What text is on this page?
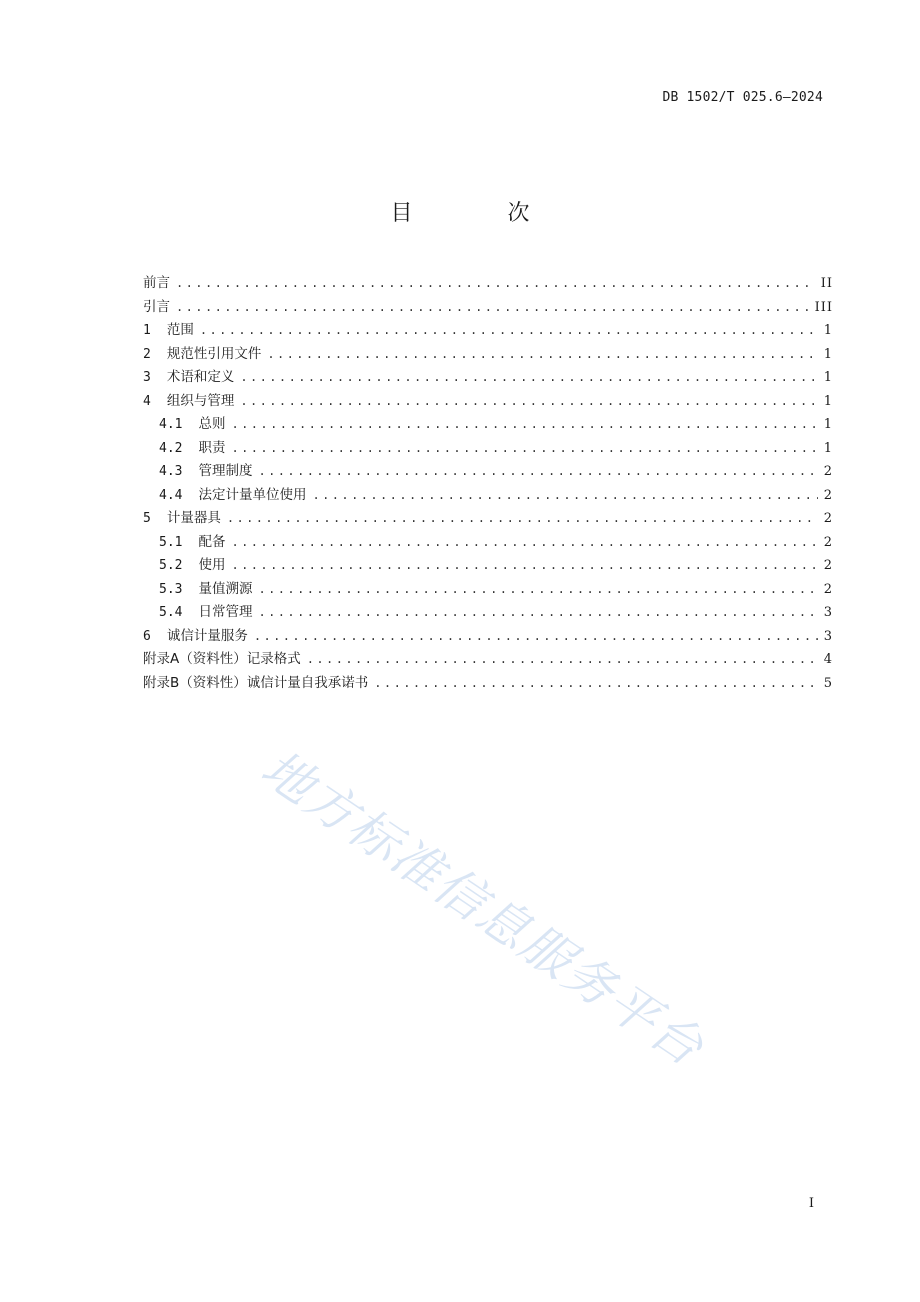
DB 1502/T 025.6—2024
目 次
前言 . . .	II
引言 . . .	III
1 范围 . . .	1
2 规范性引用文件 . . .	1
3 术语和定义 . . .	1
4 组织与管理 . . .	1
4.1 总则 . . .	1
4.2 职责 . . .	1
4.3 管理制度 . . .	2
4.4 法定计量单位使用 . . .	2
5 计量器具 . . .	2
5.1 配备 . . .	2
5.2 使用 . . .	2
5.3 量值溯源 . . .	2
5.4 日常管理 . . .	3
6 诚信计量服务 . . .	3
附录A（资料性）记录格式 . . .	4
附录B（资料性）诚信计量自我承诺书 . . .	5
地方标准信息服务平台
I
